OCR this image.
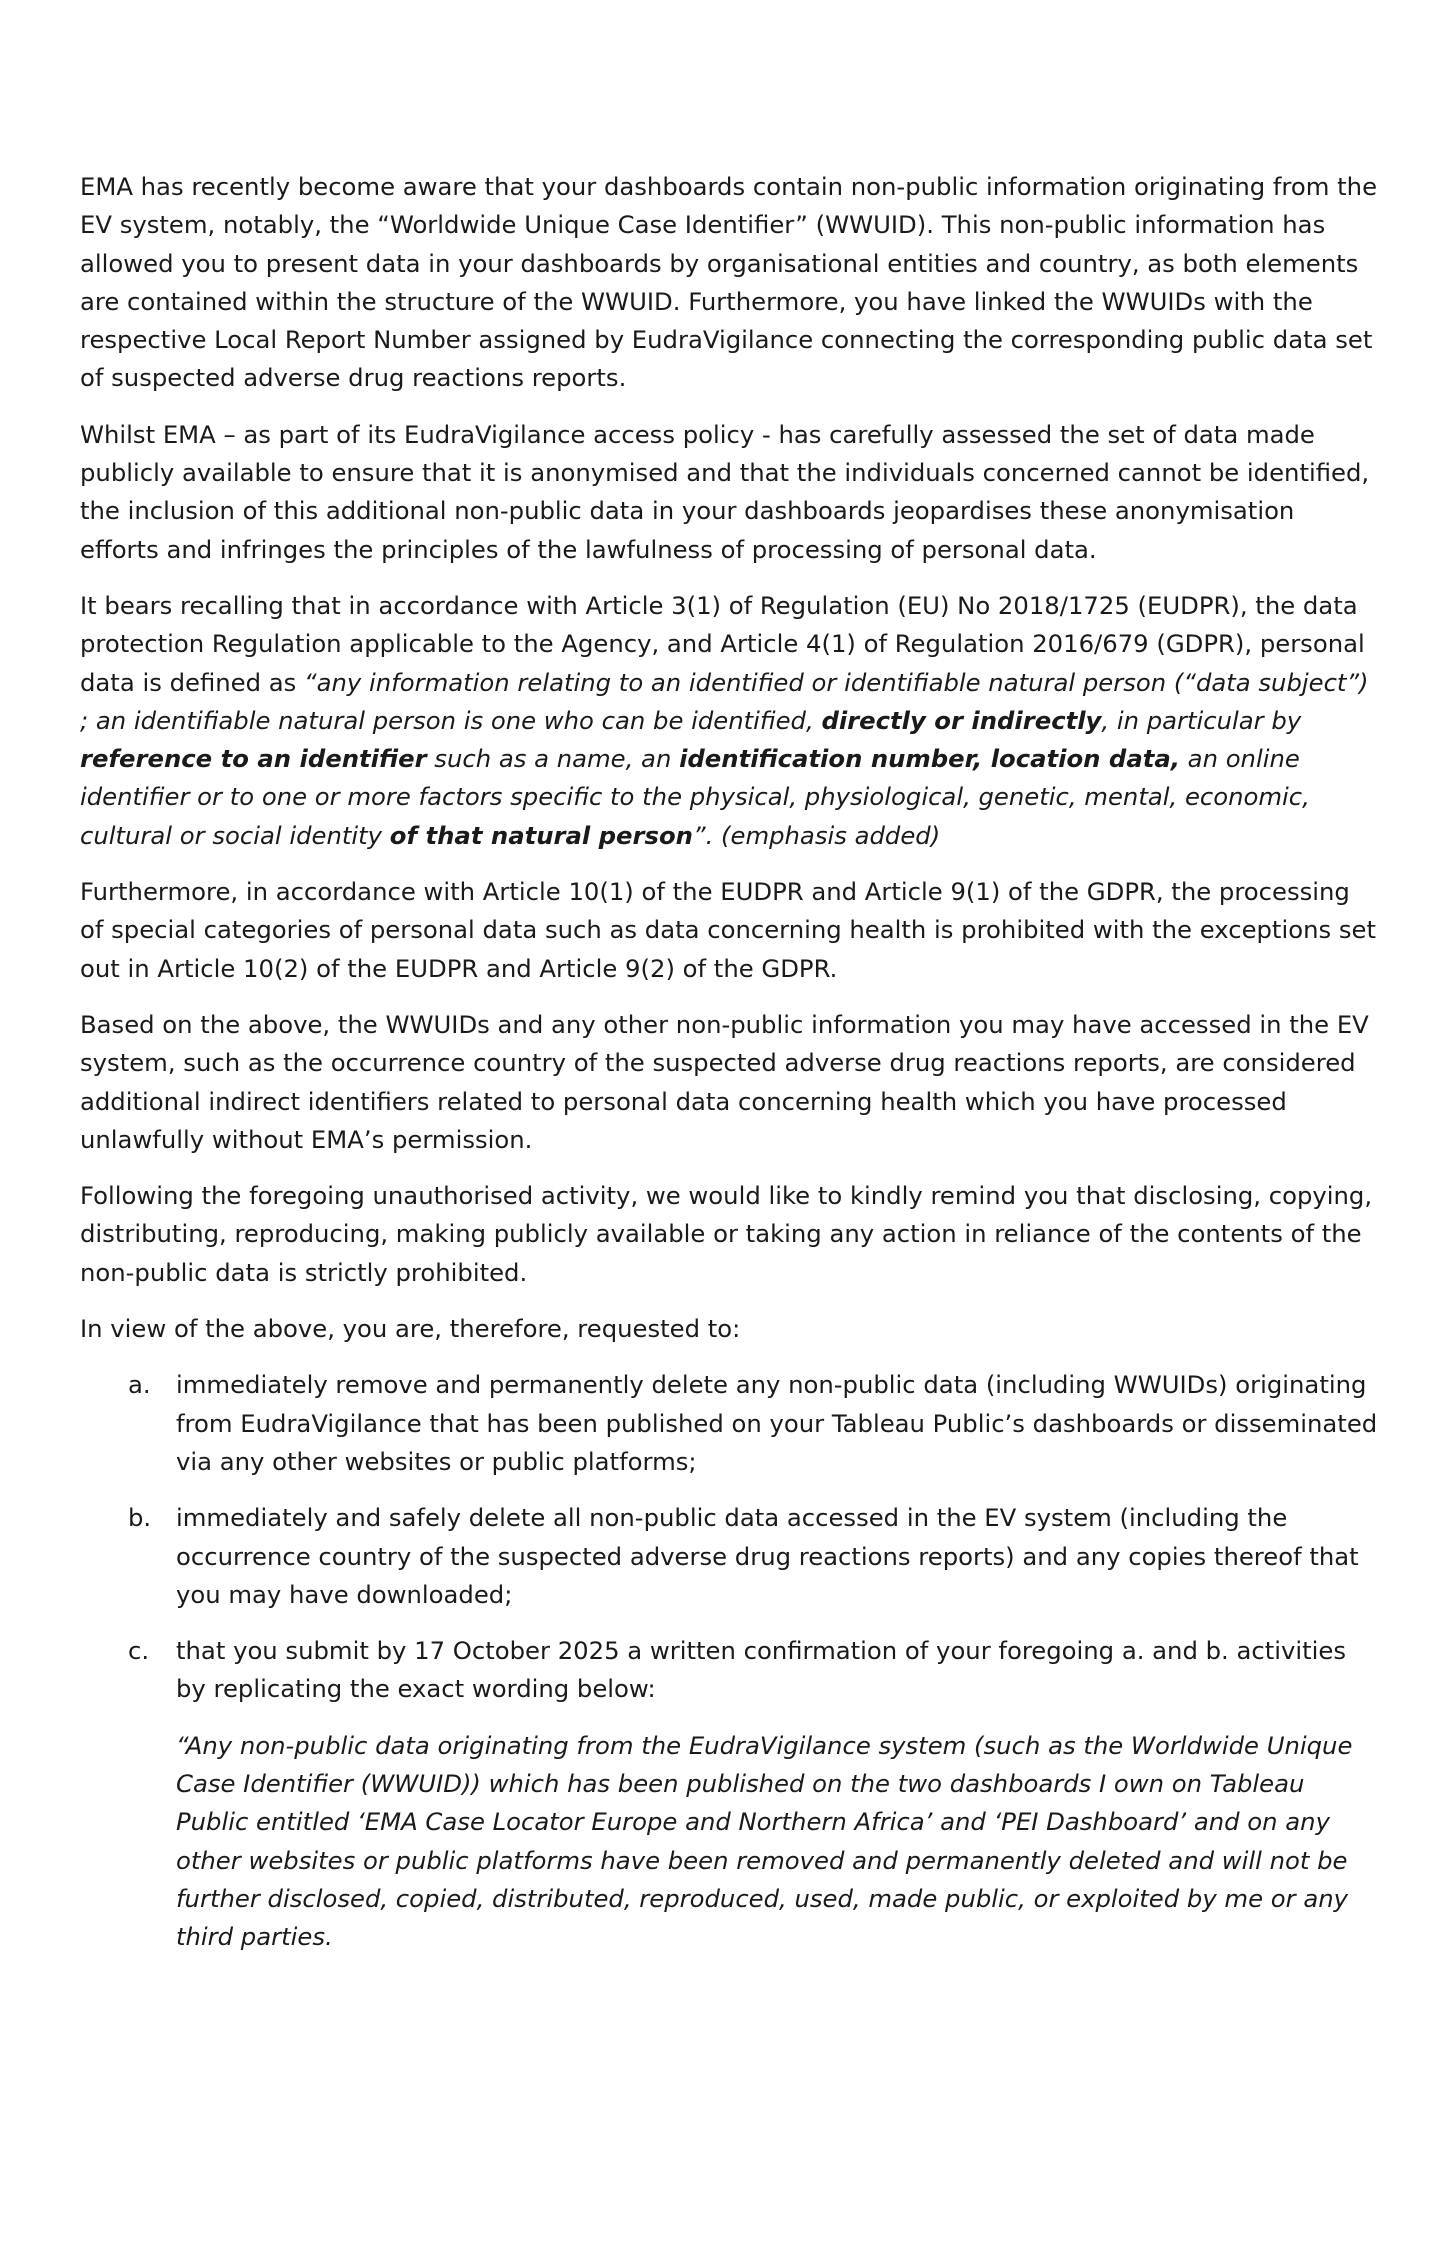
EMA has recently become aware that your dashboards contain non-public information originating from the EV system, notably, the “Worldwide Unique Case Identifier” (WWUID). This non-public information has allowed you to present data in your dashboards by organisational entities and country, as both elements are contained within the structure of the WWUID. Furthermore, you have linked the WWUIDs with the respective Local Report Number assigned by EudraVigilance connecting the corresponding public data set of suspected adverse drug reactions reports.

Whilst EMA – as part of its EudraVigilance access policy - has carefully assessed the set of data made publicly available to ensure that it is anonymised and that the individuals concerned cannot be identified, the inclusion of this additional non-public data in your dashboards jeopardises these anonymisation efforts and infringes the principles of the lawfulness of processing of personal data.

It bears recalling that in accordance with Article 3(1) of Regulation (EU) No 2018/1725 (EUDPR), the data protection Regulation applicable to the Agency, and Article 4(1) of Regulation 2016/679 (GDPR), personal data is defined as “any information relating to an identified or identifiable natural person (“data subject”) ; an identifiable natural person is one who can be identified, directly or indirectly, in particular by reference to an identifier such as a name, an identification number, location data, an online identifier or to one or more factors specific to the physical, physiological, genetic, mental, economic, cultural or social identity of that natural person”. (emphasis added)

Furthermore, in accordance with Article 10(1) of the EUDPR and Article 9(1) of the GDPR, the processing of special categories of personal data such as data concerning health is prohibited with the exceptions set out in Article 10(2) of the EUDPR and Article 9(2) of the GDPR.

Based on the above, the WWUIDs and any other non-public information you may have accessed in the EV system, such as the occurrence country of the suspected adverse drug reactions reports, are considered additional indirect identifiers related to personal data concerning health which you have processed unlawfully without EMA’s permission.

Following the foregoing unauthorised activity, we would like to kindly remind you that disclosing, copying, distributing, reproducing, making publicly available or taking any action in reliance of the contents of the non-public data is strictly prohibited.

In view of the above, you are, therefore, requested to:

a. immediately remove and permanently delete any non-public data (including WWUIDs) originating from EudraVigilance that has been published on your Tableau Public’s dashboards or disseminated via any other websites or public platforms;
b. immediately and safely delete all non-public data accessed in the EV system (including the occurrence country of the suspected adverse drug reactions reports) and any copies thereof that you may have downloaded;
c. that you submit by 17 October 2025 a written confirmation of your foregoing a. and b. activities by replicating the exact wording below:

“Any non-public data originating from the EudraVigilance system (such as the Worldwide Unique Case Identifier (WWUID)) which has been published on the two dashboards I own on Tableau Public entitled ‘EMA Case Locator Europe and Northern Africa’ and ‘PEI Dashboard’ and on any other websites or public platforms have been removed and permanently deleted and will not be further disclosed, copied, distributed, reproduced, used, made public, or exploited by me or any third parties.
